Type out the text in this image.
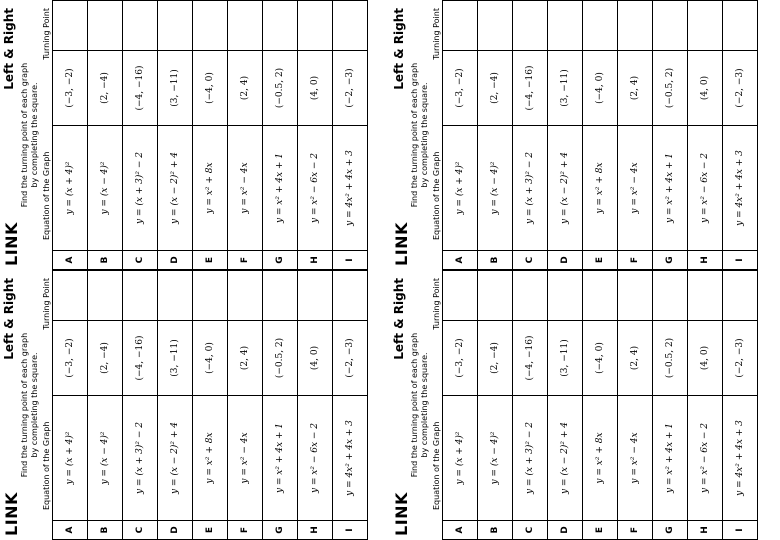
LINK
Left & Right
Find the turning point of each graph by completing the square.
Equation of the Graph
Turning Point
A	y = (x + 4)²	(−3, −2)	
B	y = (x − 4)²	(2, −4)	
C	y = (x + 3)² − 2	(−4, −16)	
D	y = (x − 2)² + 4	(3, −11)	
E	y = x² + 8x	(−4, 0)	
F	y = x² − 4x	(2, 4)	
G	y = x² + 4x + 1	(−0.5, 2)	
H	y = x² − 6x − 2	(4, 0)	
I	y = 4x² + 4x + 3	(−2, −3)	
LINK
Left & Right
Find the turning point of each graph by completing the square.
Equation of the Graph
Turning Point
A	y = (x + 4)²	(−3, −2)	
B	y = (x − 4)²	(2, −4)	
C	y = (x + 3)² − 2	(−4, −16)	
D	y = (x − 2)² + 4	(3, −11)	
E	y = x² + 8x	(−4, 0)	
F	y = x² − 4x	(2, 4)	
G	y = x² + 4x + 1	(−0.5, 2)	
H	y = x² − 6x − 2	(4, 0)	
I	y = 4x² + 4x + 3	(−2, −3)	
LINK
Left & Right
Find the turning point of each graph by completing the square.
Equation of the Graph
Turning Point
A	y = (x + 4)²	(−3, −2)	
B	y = (x − 4)²	(2, −4)	
C	y = (x + 3)² − 2	(−4, −16)	
D	y = (x − 2)² + 4	(3, −11)	
E	y = x² + 8x	(−4, 0)	
F	y = x² − 4x	(2, 4)	
G	y = x² + 4x + 1	(−0.5, 2)	
H	y = x² − 6x − 2	(4, 0)	
I	y = 4x² + 4x + 3	(−2, −3)	
LINK
Left & Right
Find the turning point of each graph by completing the square.
Equation of the Graph
Turning Point
A	y = (x + 4)²	(−3, −2)	
B	y = (x − 4)²	(2, −4)	
C	y = (x + 3)² − 2	(−4, −16)	
D	y = (x − 2)² + 4	(3, −11)	
E	y = x² + 8x	(−4, 0)	
F	y = x² − 4x	(2, 4)	
G	y = x² + 4x + 1	(−0.5, 2)	
H	y = x² − 6x − 2	(4, 0)	
I	y = 4x² + 4x + 3	(−2, −3)	
